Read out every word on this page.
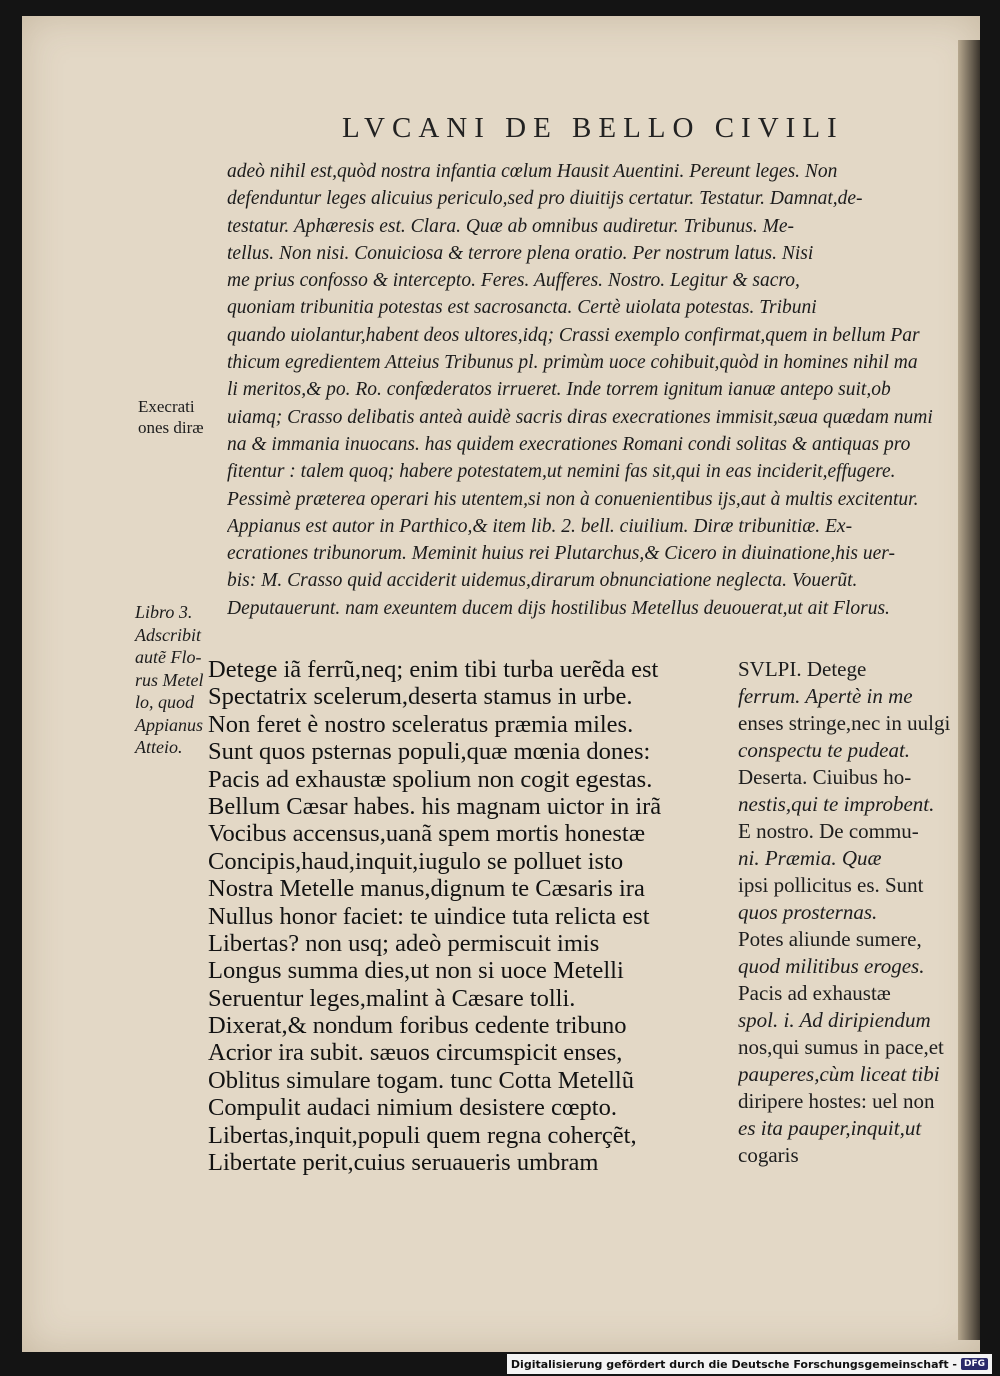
LVCANI DE BELLO CIVILI
adeò nihil est,quòd nostra infantia cœlum Hausit Auentini. Pereunt leges. Non
defenduntur leges alicuius periculo,sed pro diuitijs certatur. Testatur. Damnat,de-
testatur. Aphæresis est. Clara. Quæ ab omnibus audiretur. Tribunus. Me-
tellus. Non nisi. Conuiciosa & terrore plena oratio. Per nostrum latus. Nisi
me prius confosso & intercepto. Feres. Aufferes. Nostro. Legitur & sacro,
quoniam tribunitia potestas est sacrosancta. Certè uiolata potestas. Tribuni
quando uiolantur,habent deos ultores,idq; Crassi exemplo confirmat,quem in bellum Par
thicum egredientem Atteius Tribunus pl. primùm uoce cohibuit,quòd in homines nihil ma
li meritos,& po. Ro. confœderatos irrueret. Inde torrem ignitum ianuæ antepo suit,ob
uiamq; Crasso delibatis anteà auidè sacris diras execrationes immisit,sæua quædam numi
na & immania inuocans. has quidem execrationes Romani condi solitas & antiquas pro
fitentur : talem quoq; habere potestatem,ut nemini fas sit,qui in eas inciderit,effugere.
Pessimè præterea operari his utentem,si non à conuenientibus ijs,aut à multis excitentur.
Appianus est autor in Parthico,& item lib. 2. bell. ciuilium. Diræ tribunitiæ. Ex-
ecrationes tribunorum. Meminit huius rei Plutarchus,& Cicero in diuinatione,his uer-
bis: M. Crasso quid acciderit uidemus,dirarum obnunciatione neglecta. Vouerũt.
Deputauerunt. nam exeuntem ducem dijs hostilibus Metellus deuouerat,ut ait Florus.
Execrati
ones diræ
Libro 3.
Adscribit
autẽ Flo-
rus Metel
lo, quod
Appianus
Atteio.
Detege iã ferrũ,neq; enim tibi turba uerẽda est
Spectatrix scelerum,deserta stamus in urbe.
Non feret è nostro sceleratus præmia miles.
Sunt quos psternas populi,quæ mœnia dones:
Pacis ad exhaustæ spolium non cogit egestas.
Bellum Cæsar habes. his magnam uictor in irã
Vocibus accensus,uanã spem mortis honestæ
Concipis,haud,inquit,iugulo se polluet isto
Nostra Metelle manus,dignum te Cæsaris ira
Nullus honor faciet: te uindice tuta relicta est
Libertas? non usq; adeò permiscuit imis
Longus summa dies,ut non si uoce Metelli
Seruentur leges,malint à Cæsare tolli.
Dixerat,& nondum foribus cedente tribuno
Acrior ira subit. sæuos circumspicit enses,
Oblitus simulare togam. tunc Cotta Metellũ
Compulit audaci nimium desistere cœpto.
Libertas,inquit,populi quem regna coherçẽt,
Libertate perit,cuius seruaueris umbram
SVLPI. Detege
ferrum. Apertè in me
enses stringe,nec in uulgi
conspectu te pudeat.
Deserta. Ciuibus ho-
nestis,qui te improbent.
E nostro. De commu-
ni. Præmia. Quæ
ipsi pollicitus es. Sunt
quos prosternas.
Potes aliunde sumere,
quod militibus eroges.
Pacis ad exhaustæ
spol. i. Ad diripiendum
nos,qui sumus in pace,et
pauperes,cùm liceat tibi
diripere hostes: uel non
es ita pauper,inquit,ut
cogaris
Digitalisierung gefördert durch die Deutsche Forschungsgemeinschaft - DFG
